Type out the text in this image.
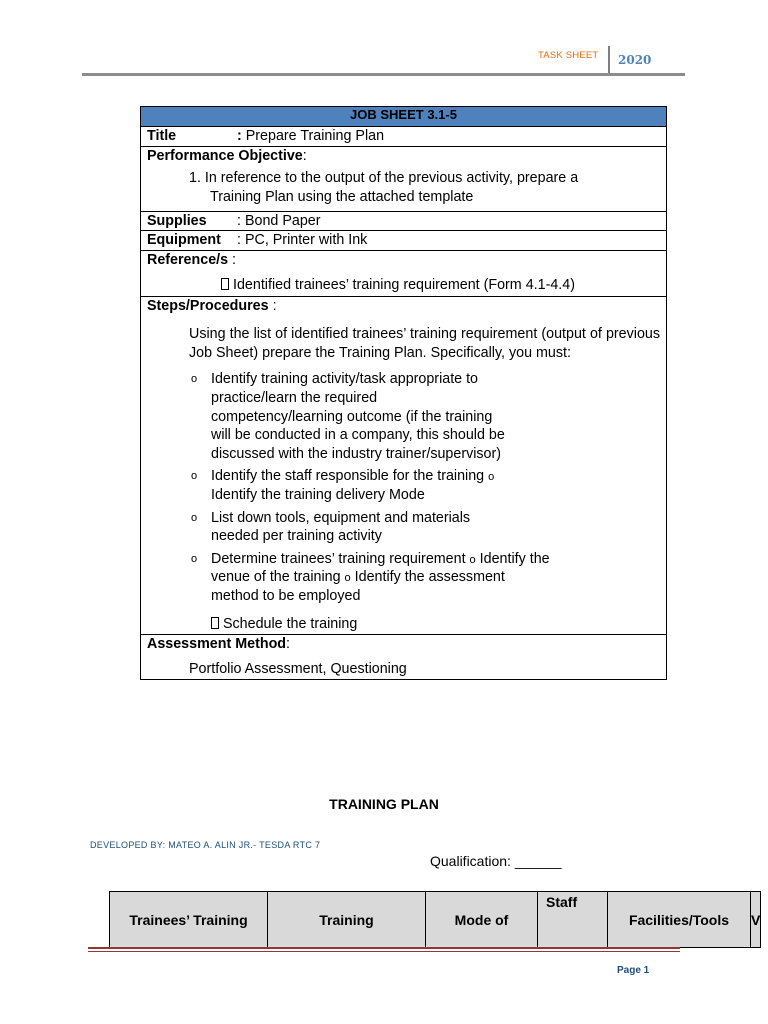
TASK SHEET 2020
JOB SHEET 3.1-5
Title	: Prepare Training Plan
Performance Objective:
1. In reference to the output of the previous activity, prepare a
Training Plan using the attached template

Supplies : Bond Paper
Equipment : PC, Printer with Ink
Reference/s :
Identified trainees’ training requirement (Form 4.1-4.4)

Steps/Procedures :
Using the list of identified trainees’ training requirement (output of previous Job Sheet) prepare the Training Plan. Specifically, you must:
o Identify training activity/task appropriate to practice/learn the required competency/learning outcome (if the training will be conducted in a company, this should be discussed with the industry trainer/supervisor)
o Identify the staff responsible for the training o Identify the training delivery Mode
o List down tools, equipment and materials needed per training activity
o Determine trainees’ training requirement o Identify the venue of the training o Identify the assessment method to be employed
Schedule the training

Assessment Method:
Portfolio Assessment, Questioning
TRAINING PLAN
DEVELOPED BY: MATEO A. ALIN JR.- TESDA RTC 7
Qualification: ______
Trainees’ Training	Training	Mode of	Staff	Facilities/Tools	V
Page 1
